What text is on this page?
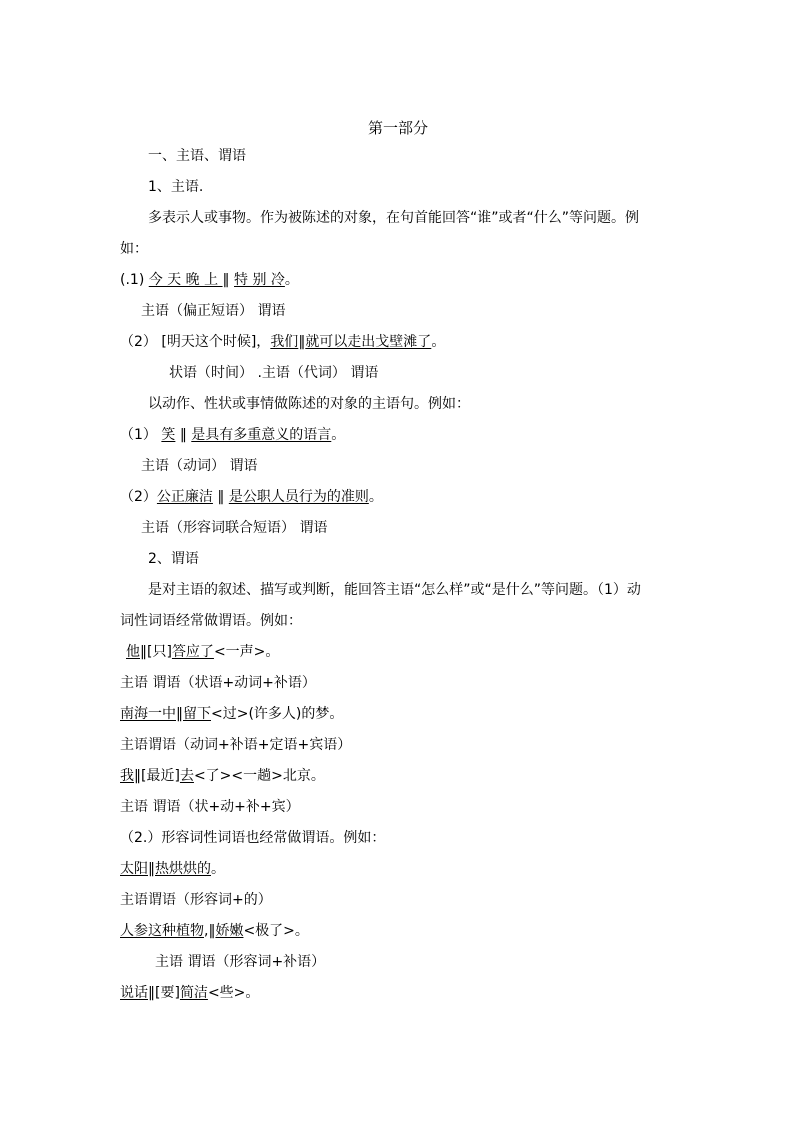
第一部分
一、主语、谓语
1、主语.
多表示人或事物。作为被陈述的对象，在句首能回答“谁”或者“什么”等问题。例
如：
(.1) 今 天 晚 上 ‖ 特 别 冷。
主语（偏正短语） 谓语
（2） [明天这个时候]，我们‖就可以走出戈壁滩了。
状语（时间） .主语（代词） 谓语
以动作、性状或事情做陈述的对象的主语句。例如：
（1） 笑 ‖ 是具有多重意义的语言。
主语（动词） 谓语
（2）公正廉洁 ‖ 是公职人员行为的准则。
主语（形容词联合短语） 谓语
2、谓语
是对主语的叙述、描写或判断，能回答主语“怎么样”或“是什么”等问题。（1）动
词性词语经常做谓语。例如：
他‖[只]答应了<一声>。
主语 谓语（状语+动词+补语）
南海一中‖留下<过>(许多人)的梦。
主语谓语（动词+补语+定语+宾语）
我‖[最近]去<了><一趟>北京。
主语 谓语（状+动+补+宾）
（2.）形容词性词语也经常做谓语。例如：
太阳‖热烘烘的。
主语谓语（形容词+的）
人参这种植物,‖娇嫩<极了>。
主语 谓语（形容词+补语）
说话‖[要]简洁<些>。
